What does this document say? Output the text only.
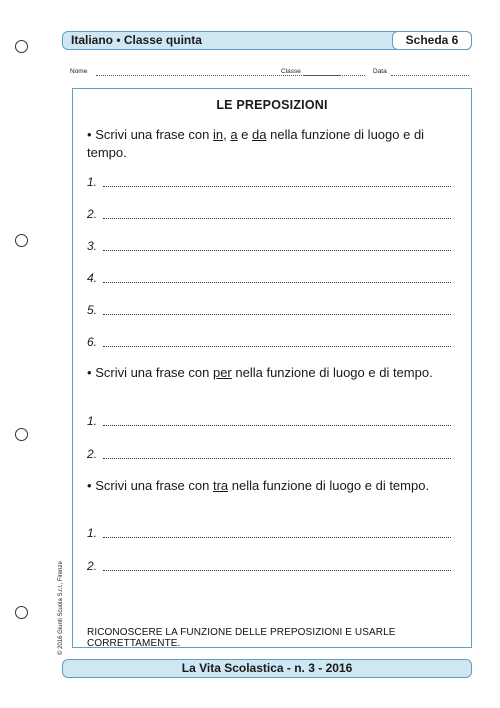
Italiano • Classe quinta	Scheda 6
Nome	Classe	Data
LE PREPOSIZIONI
• Scrivi una frase con in, a e da nella funzione di luogo e di tempo.
1.
2.
3.
4.
5.
6.
• Scrivi una frase con per nella funzione di luogo e di tempo.
1.
2.
• Scrivi una frase con tra nella funzione di luogo e di tempo.
1.
2.
RICONOSCERE LA FUNZIONE DELLE PREPOSIZIONI E USARLE CORRETTAMENTE.
© 2016 Giunti Scuola S.r.l., Firenze
La Vita Scolastica - n. 3 - 2016
